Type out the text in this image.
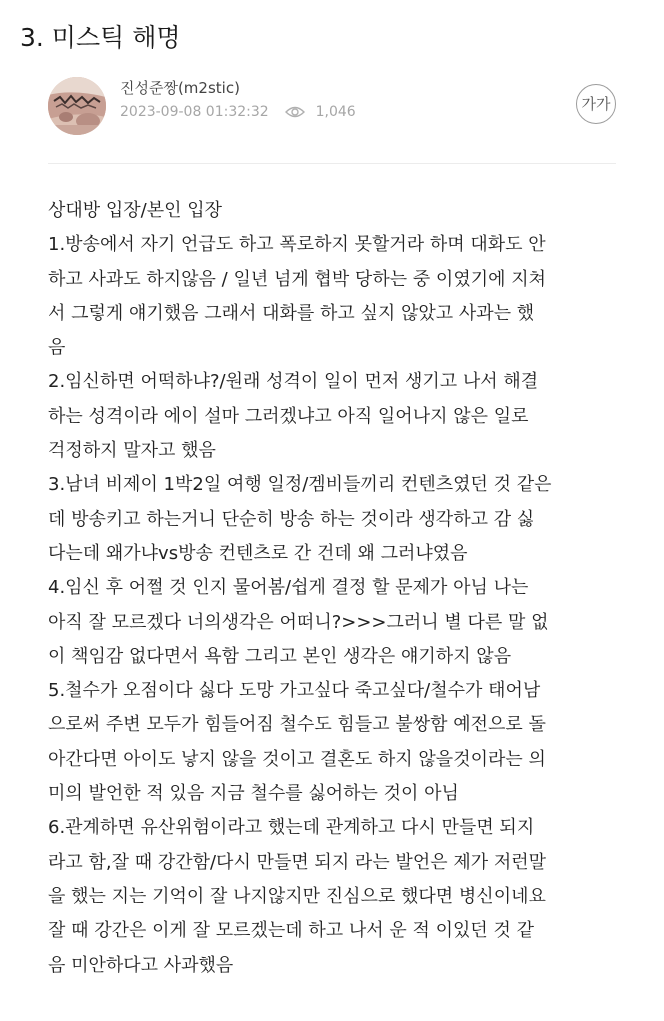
3. 미스틱 해명
진성준짱(m2stic)
2023-09-08 01:32:32	1,046	가가

상대방 입장/본인 입장

1.방송에서 자기 언급도 하고 폭로하지 못할거라 하며 대화도 안

하고 사과도 하지않음 / 일년 넘게 협박 당하는 중 이였기에 지쳐

서 그렇게 얘기했음 그래서 대화를 하고 싶지 않았고 사과는 했

음

2.임신하면 어떡하냐?/원래 성격이 일이 먼저 생기고 나서 해결

하는 성격이라 에이 설마 그러겠냐고 아직 일어나지 않은 일로

걱정하지 말자고 했음

3.남녀 비제이 1박2일 여행 일정/겜비들끼리 컨텐츠였던 것 같은

데 방송키고 하는거니 단순히 방송 하는 것이라 생각하고 감 싫

다는데 왜가냐vs방송 컨텐츠로 간 건데 왜 그러냐였음

4.임신 후 어쩔 것 인지 물어봄/쉽게 결정 할 문제가 아님 나는

아직 잘 모르겠다 너의생각은 어떠니?>>>그러니 별 다른 말 없

이 책임감 없다면서 욕함 그리고 본인 생각은 얘기하지 않음

5.철수가 오점이다 싫다 도망 가고싶다 죽고싶다/철수가 태어남

으로써 주변 모두가 힘들어짐 철수도 힘들고 불쌍함 예전으로 돌

아간다면 아이도 낳지 않을 것이고 결혼도 하지 않을것이라는 의

미의 발언한 적 있음 지금 철수를 싫어하는 것이 아님

6.관계하면 유산위험이라고 했는데 관계하고 다시 만들면 되지

라고 함,잘 때 강간함/다시 만들면 되지 라는 발언은 제가 저런말

을 했는 지는 기억이 잘 나지않지만 진심으로 했다면 병신이네요

잘 때 강간은 이게 잘 모르겠는데 하고 나서 운 적 이있던 것 같

음 미안하다고 사과했음
